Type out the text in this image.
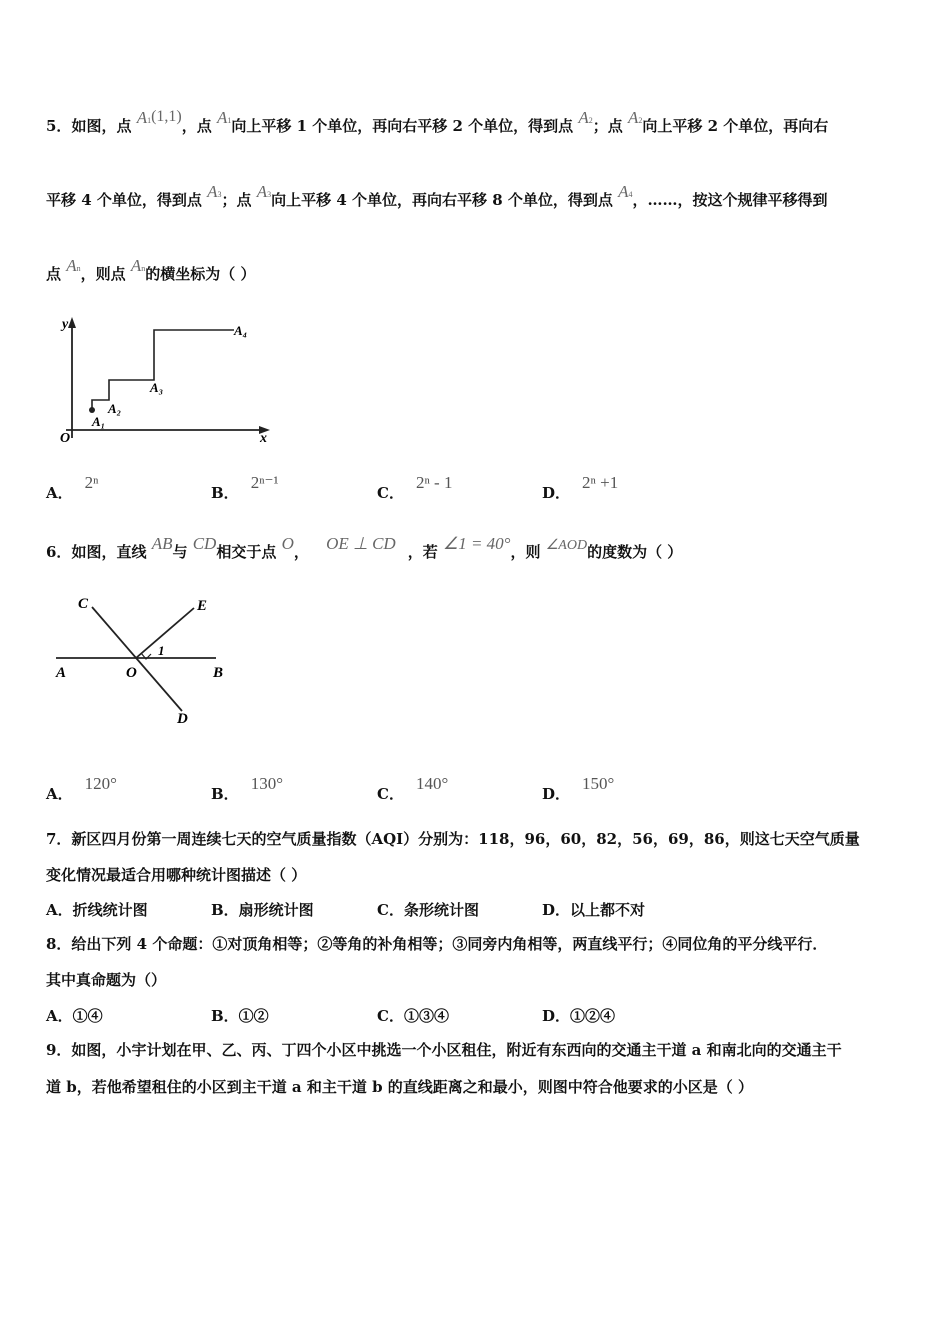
5．如图，点 A1(1,1)，点 A1向上平移 1 个单位，再向右平移 2 个单位，得到点 A2；点 A2向上平移 2 个单位，再向右
平移 4 个单位，得到点 A3；点 A3向上平移 4 个单位，再向右平移 8 个单位，得到点 A4，……，按这个规律平移得到
点 An，则点 An的横坐标为（ ）
y
x
O
A₁
A₂
A₃
A₄
A．2ⁿ
B．2ⁿ⁻¹
C．2ⁿ - 1
D．2ⁿ +1
6．如图，直线 AB与 CD相交于点 O， OE ⊥ CD ，若 ∠1 = 40°，则 ∠AOD的度数为（ ）
C	E
A	O	B
D
1
A．120°
B．130°
C．140°
D．150°
7．新区四月份第一周连续七天的空气质量指数（AQI）分别为：118，96，60，82，56，69，86，则这七天空气质量
变化情况最适合用哪种统计图描述（ ）
A．折线统计图	B．扇形统计图	C．条形统计图	D．以上都不对
8．给出下列 4 个命题：①对顶角相等；②等角的补角相等；③同旁内角相等，两直线平行；④同位角的平分线平行．
其中真命题为（）
A．①④	B．①②	C．①③④	D．①②④
9．如图，小宇计划在甲、乙、丙、丁四个小区中挑选一个小区租住，附近有东西向的交通主干道 a 和南北向的交通主干
道 b，若他希望租住的小区到主干道 a 和主干道 b 的直线距离之和最小，则图中符合他要求的小区是（ ）
